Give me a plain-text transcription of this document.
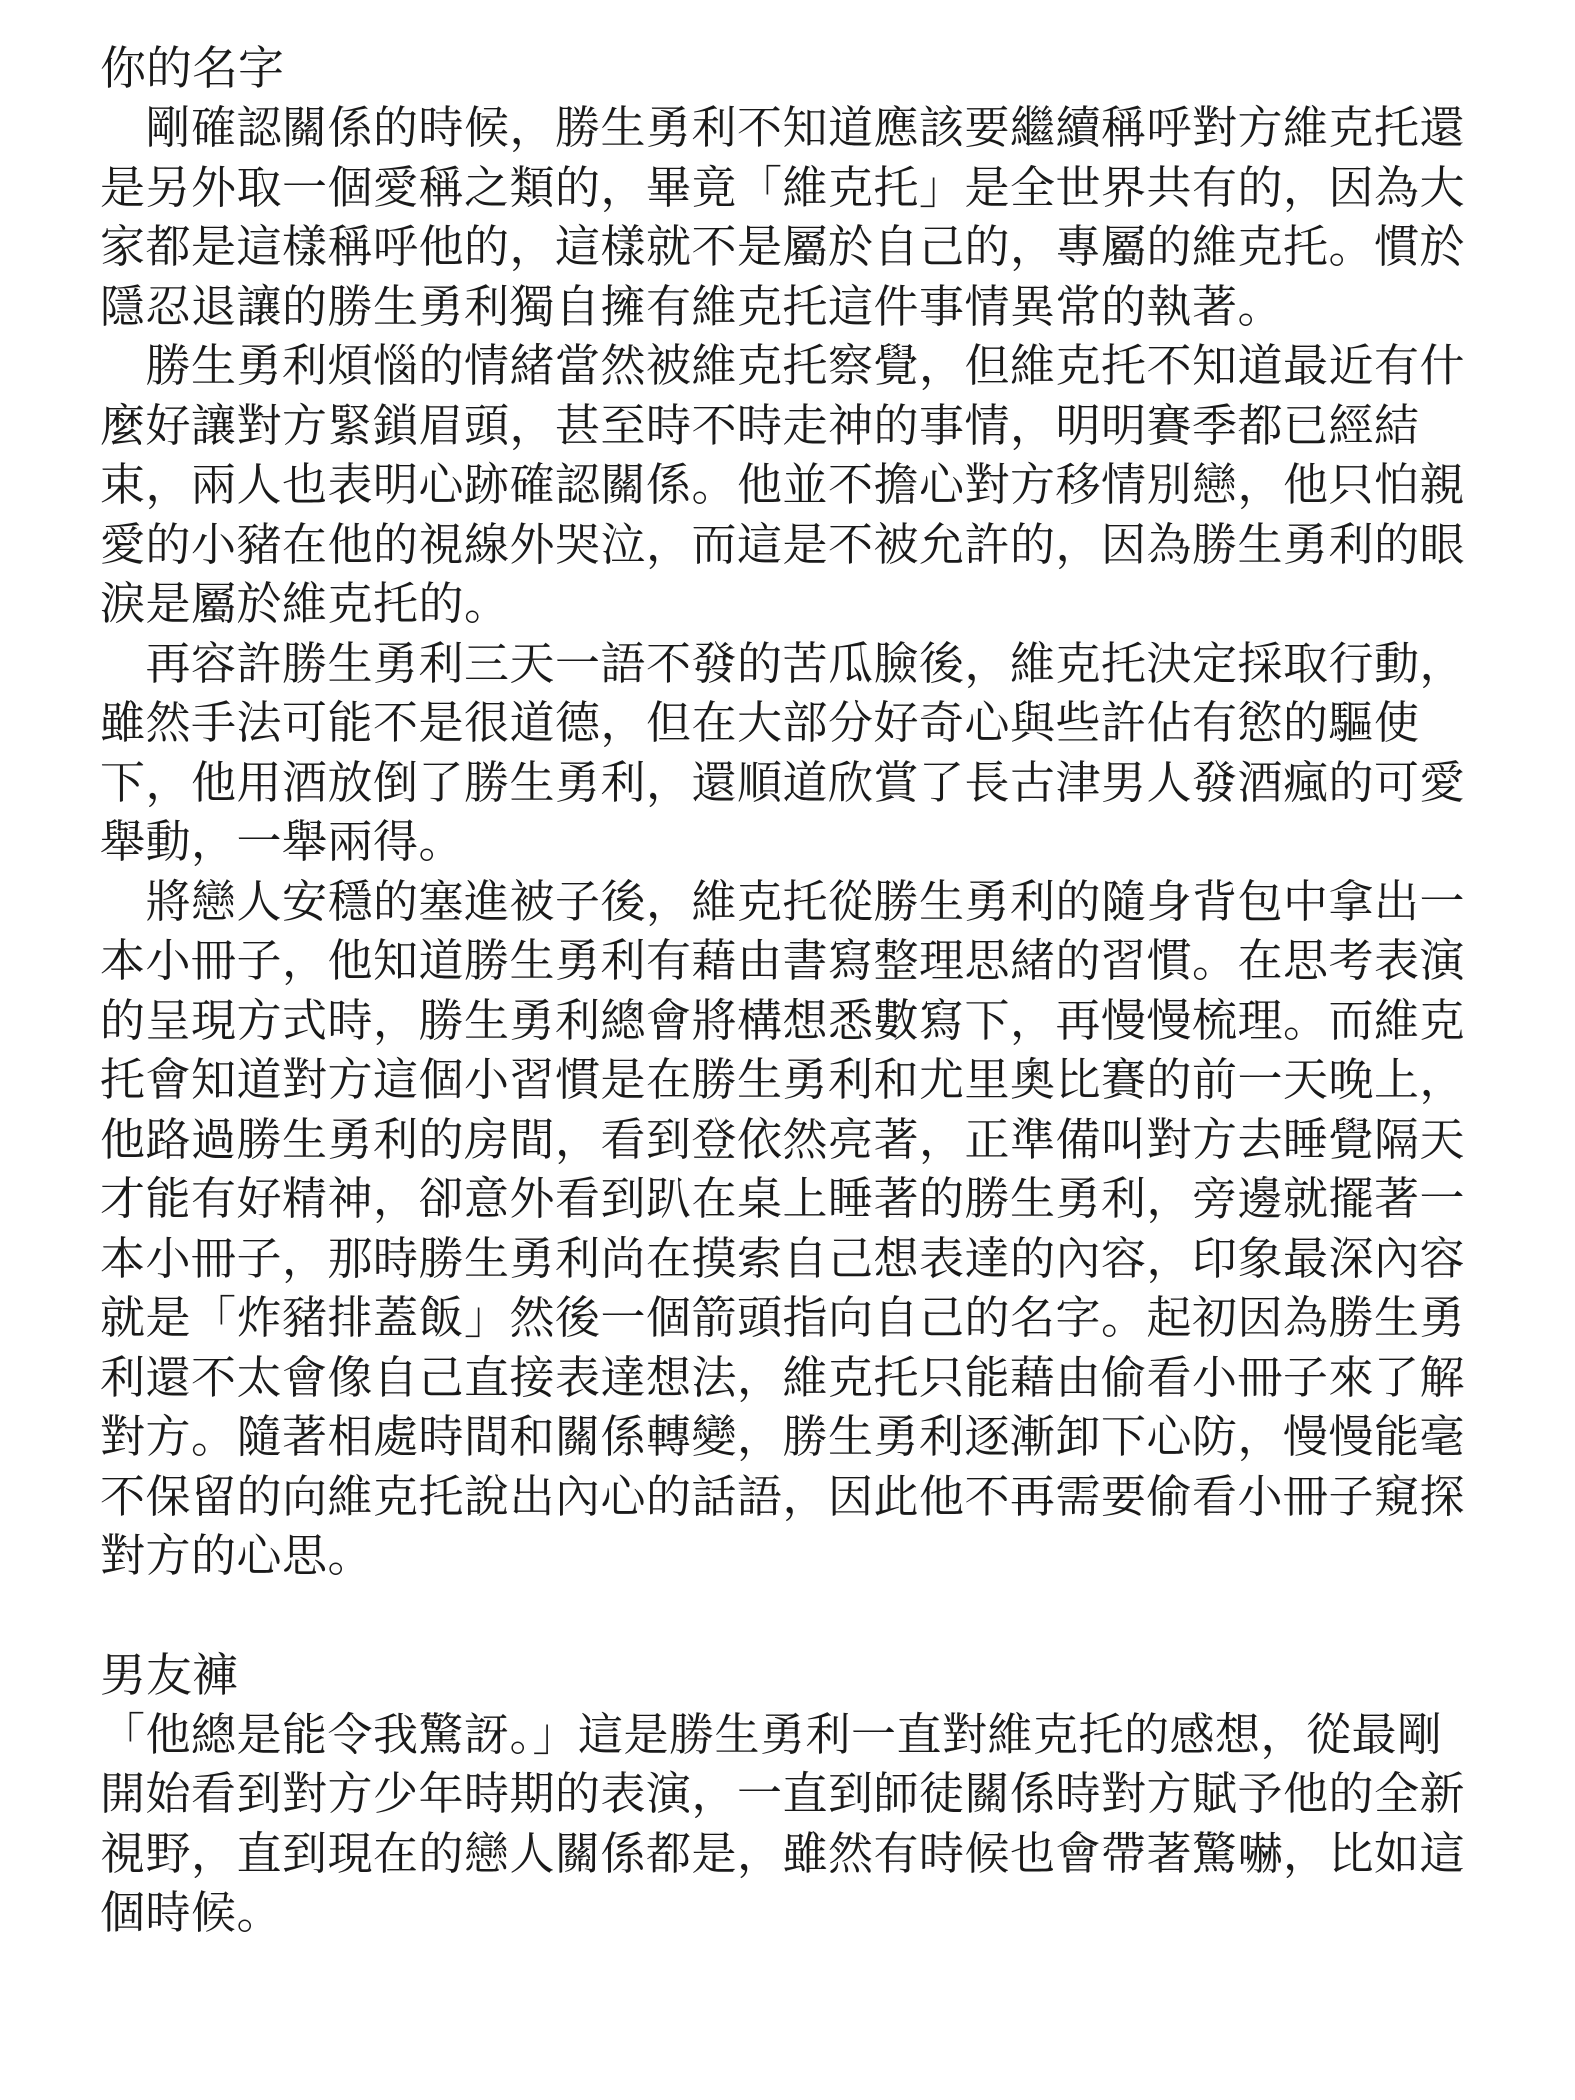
你的名字

　剛確認關係的時候，勝生勇利不知道應該要繼續稱呼對方維克托還是另外取一個愛稱之類的，畢竟「維克托」是全世界共有的，因為大家都是這樣稱呼他的，這樣就不是屬於自己的，專屬的維克托。慣於隱忍退讓的勝生勇利獨自擁有維克托這件事情異常的執著。

　勝生勇利煩惱的情緒當然被維克托察覺，但維克托不知道最近有什麼好讓對方緊鎖眉頭，甚至時不時走神的事情，明明賽季都已經結束，兩人也表明心跡確認關係。他並不擔心對方移情別戀，他只怕親愛的小豬在他的視線外哭泣，而這是不被允許的，因為勝生勇利的眼淚是屬於維克托的。

　再容許勝生勇利三天一語不發的苦瓜臉後，維克托決定採取行動，雖然手法可能不是很道德，但在大部分好奇心與些許佔有慾的驅使下，他用酒放倒了勝生勇利，還順道欣賞了長古津男人發酒瘋的可愛舉動，一舉兩得。

　將戀人安穩的塞進被子後，維克托從勝生勇利的隨身背包中拿出一本小冊子，他知道勝生勇利有藉由書寫整理思緒的習慣。在思考表演的呈現方式時，勝生勇利總會將構想悉數寫下，再慢慢梳理。而維克托會知道對方這個小習慣是在勝生勇利和尤里奧比賽的前一天晚上，他路過勝生勇利的房間，看到登依然亮著，正準備叫對方去睡覺隔天才能有好精神，卻意外看到趴在桌上睡著的勝生勇利，旁邊就擺著一本小冊子，那時勝生勇利尚在摸索自己想表達的內容，印象最深內容就是「炸豬排蓋飯」然後一個箭頭指向自己的名字。起初因為勝生勇利還不太會像自己直接表達想法，維克托只能藉由偷看小冊子來了解對方。隨著相處時間和關係轉變，勝生勇利逐漸卸下心防，慢慢能毫不保留的向維克托說出內心的話語，因此他不再需要偷看小冊子窺探對方的心思。

男友褲

「他總是能令我驚訝。」這是勝生勇利一直對維克托的感想，從最剛開始看到對方少年時期的表演，一直到師徒關係時對方賦予他的全新視野，直到現在的戀人關係都是，雖然有時候也會帶著驚嚇，比如這個時候。
